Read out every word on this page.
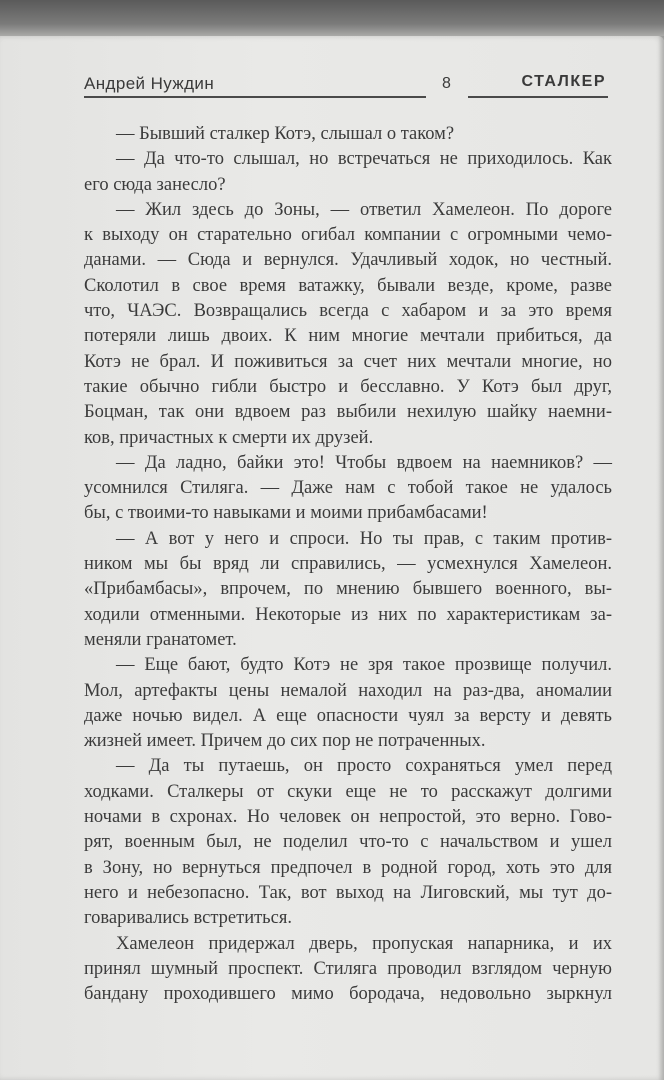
Андрей Нуждин	8	СТАЛКЕР
— Бывший сталкер Котэ, слышал о таком?
— Да что-то слышал, но встречаться не приходилось. Как
его сюда занесло?
— Жил здесь до Зоны, — ответил Хамелеон. По дороге
к выходу он старательно огибал компании с огромными чемо-
данами. — Сюда и вернулся. Удачливый ходок, но честный.
Сколотил в свое время ватажку, бывали везде, кроме, разве
что, ЧАЭС. Возвращались всегда с хабаром и за это время
потеряли лишь двоих. К ним многие мечтали прибиться, да
Котэ не брал. И поживиться за счет них мечтали многие, но
такие обычно гибли быстро и бесславно. У Котэ был друг,
Боцман, так они вдвоем раз выбили нехилую шайку наемни-
ков, причастных к смерти их друзей.
— Да ладно, байки это! Чтобы вдвоем на наемников? —
усомнился Стиляга. — Даже нам с тобой такое не удалось
бы, с твоими-то навыками и моими прибамбасами!
— А вот у него и спроси. Но ты прав, с таким против-
ником мы бы вряд ли справились, — усмехнулся Хамелеон.
«Прибамбасы», впрочем, по мнению бывшего военного, вы-
ходили отменными. Некоторые из них по характеристикам за-
меняли гранатомет.
— Еще бают, будто Котэ не зря такое прозвище получил.
Мол, артефакты цены немалой находил на раз-два, аномалии
даже ночью видел. А еще опасности чуял за версту и девять
жизней имеет. Причем до сих пор не потраченных.
— Да ты путаешь, он просто сохраняться умел перед
ходками. Сталкеры от скуки еще не то расскажут долгими
ночами в схронах. Но человек он непростой, это верно. Гово-
рят, военным был, не поделил что-то с начальством и ушел
в Зону, но вернуться предпочел в родной город, хоть это для
него и небезопасно. Так, вот выход на Лиговский, мы тут до-
говаривались встретиться.
Хамелеон придержал дверь, пропуская напарника, и их
принял шумный проспект. Стиляга проводил взглядом черную
бандану проходившего мимо бородача, недовольно зыркнул
